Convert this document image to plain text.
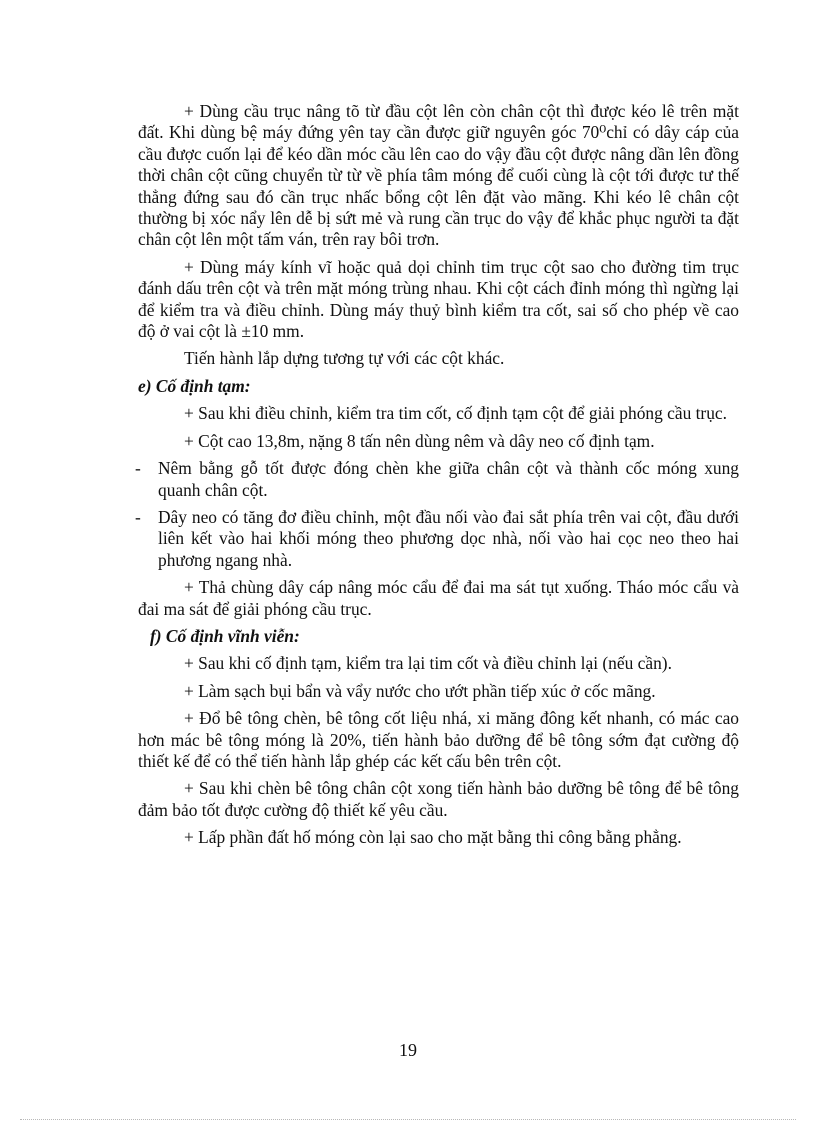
+ Dùng cầu trục nâng tõ từ đầu cột lên còn chân cột thì được kéo lê trên mặt đất. Khi dùng bệ máy đứng yên tay cần được giữ nguyên góc 70⁰chỉ có dây cáp của cầu được cuốn lại để kéo dần móc cầu lên cao do vậy đầu cột được nâng dần lên đồng thời chân cột cũng chuyển từ từ về phía tâm móng để cuối cùng là cột tới được tư thế thẳng đứng sau đó cần trục nhấc bổng cột lên đặt vào mãng. Khi kéo lê chân cột thường bị xóc nẩy lên dễ bị sứt mẻ và rung cần trục do vậy để khắc phục người ta đặt chân cột lên một tấm ván, trên ray bôi trơn.

+ Dùng máy kính vĩ hoặc quả dọi chỉnh tim trục cột sao cho đường tim trục đánh dấu trên cột và trên mặt móng trùng nhau. Khi cột cách đỉnh móng thì ngừng lại để kiểm tra và điều chỉnh. Dùng máy thuỷ bình kiểm tra cốt, sai số cho phép về cao độ ở vai cột là ±10 mm.

Tiến hành lắp dựng tương tự với các cột khác.

e) Cố định tạm:

+ Sau khi điều chỉnh, kiểm tra tim cốt, cố định tạm cột để giải phóng cầu trục.

+ Cột cao 13,8m, nặng 8 tấn nên dùng nêm và dây neo cố định tạm.

- Nêm bằng gỗ tốt được đóng chèn khe giữa chân cột và thành cốc móng xung quanh chân cột.
- Dây neo có tăng đơ điều chỉnh, một đầu nối vào đai sắt phía trên vai cột, đầu dưới liên kết vào hai khối móng theo phương dọc nhà, nối vào hai cọc neo theo hai phương ngang nhà.

+ Thả chùng dây cáp nâng móc cẩu để đai ma sát tụt xuống. Tháo móc cẩu và đai ma sát để giải phóng cầu trục.

f) Cố định vĩnh viễn:

+ Sau khi cố định tạm, kiểm tra lại tim cốt và điều chỉnh lại (nếu cần).

+ Làm sạch bụi bẩn và vẩy nước cho ướt phần tiếp xúc ở cốc mãng.

+ Đổ bê tông chèn, bê tông cốt liệu nhá, xi măng đông kết nhanh, có mác cao hơn mác bê tông móng là 20%, tiến hành bảo dưỡng để bê tông sớm đạt cường độ thiết kế để có thể tiến hành lắp ghép các kết cấu bên trên cột.

+ Sau khi chèn bê tông chân cột xong tiến hành bảo dưỡng bê tông để bê tông đảm bảo tốt được cường độ thiết kế yêu cầu.

+ Lấp phần đất hố móng còn lại sao cho mặt bằng thi công bằng phẳng.

19
